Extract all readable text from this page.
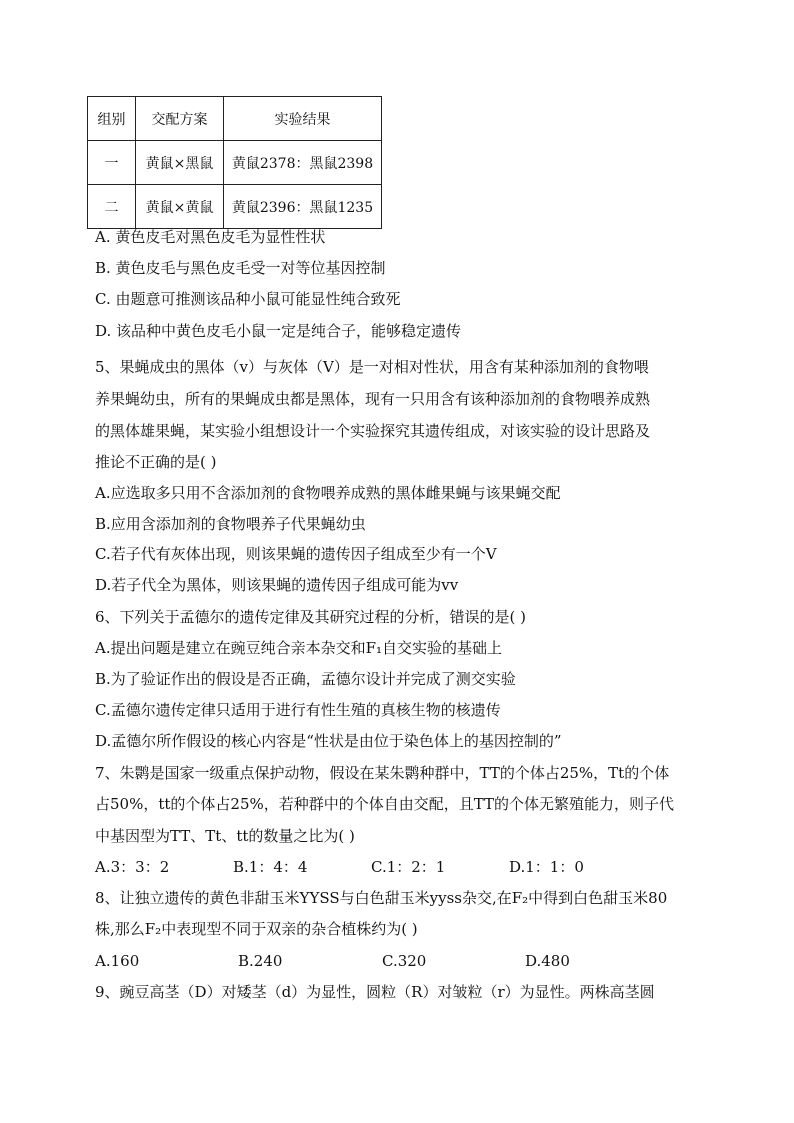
组别	交配方案	实验结果
一	黄鼠×黑鼠	黄鼠2378：黑鼠2398
二	黄鼠×黄鼠	黄鼠2396：黑鼠1235
A. 黄色皮毛对黑色皮毛为显性性状
B. 黄色皮毛与黑色皮毛受一对等位基因控制
C. 由题意可推测该品种小鼠可能显性纯合致死
D. 该品种中黄色皮毛小鼠一定是纯合子，能够稳定遗传
5、果蝇成虫的黑体（v）与灰体（V）是一对相对性状，用含有某种添加剂的食物喂
养果蝇幼虫，所有的果蝇成虫都是黑体，现有一只用含有该种添加剂的食物喂养成熟
的黑体雄果蝇，某实验小组想设计一个实验探究其遗传组成，对该实验的设计思路及
推论不正确的是( )
A.应选取多只用不含添加剂的食物喂养成熟的黑体雌果蝇与该果蝇交配
B.应用含添加剂的食物喂养子代果蝇幼虫
C.若子代有灰体出现，则该果蝇的遗传因子组成至少有一个V
D.若子代全为黑体，则该果蝇的遗传因子组成可能为vv
6、下列关于孟德尔的遗传定律及其研究过程的分析，错误的是( )
A.提出问题是建立在豌豆纯合亲本杂交和F₁自交实验的基础上
B.为了验证作出的假设是否正确，孟德尔设计并完成了测交实验
C.孟德尔遗传定律只适用于进行有性生殖的真核生物的核遗传
D.孟德尔所作假设的核心内容是“性状是由位于染色体上的基因控制的”
7、朱鹮是国家一级重点保护动物，假设在某朱鹮种群中，TT的个体占25%，Tt的个体
占50%，tt的个体占25%，若种群中的个体自由交配，且TT的个体无繁殖能力，则子代
中基因型为TT、Tt、tt的数量之比为( )
A.3：3：2	B.1：4：4	C.1：2：1	D.1：1：0
8、让独立遗传的黄色非甜玉米YYSS与白色甜玉米yyss杂交,在F₂中得到白色甜玉米80
株,那么F₂中表现型不同于双亲的杂合植株约为( )
A.160	B.240	C.320	D.480
9、豌豆高茎（D）对矮茎（d）为显性，圆粒（R）对皱粒（r）为显性。两株高茎圆
